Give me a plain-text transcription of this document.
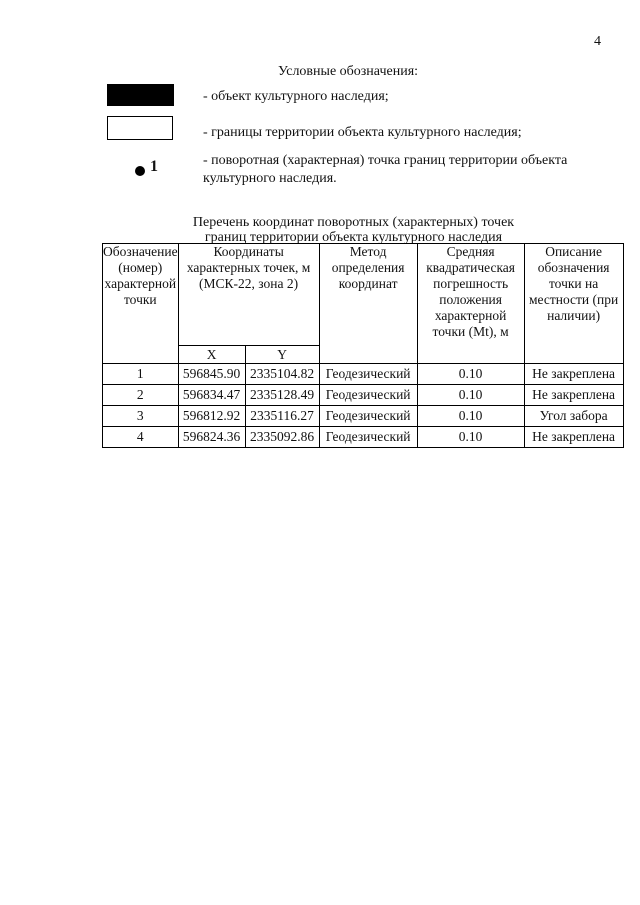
4
Условные обозначения:
- объект культурного наследия;
- границы территории объекта культурного наследия;
1	- поворотная (характерная) точка границ территории объекта культурного наследия.
Перечень координат поворотных (характерных) точек
границ территории объекта культурного наследия
Обозначение (номер) характерной точки	Координаты характерных точек, м (МСК-22, зона 2)		Метод определения координат	Средняя квадратическая погрешность положения характерной точки (Mt), м	Описание обозначения точки на местности (при наличии)
	X	Y			
1	596845.90	2335104.82	Геодезический	0.10	Не закреплена
2	596834.47	2335128.49	Геодезический	0.10	Не закреплена
3	596812.92	2335116.27	Геодезический	0.10	Угол забора
4	596824.36	2335092.86	Геодезический	0.10	Не закреплена
